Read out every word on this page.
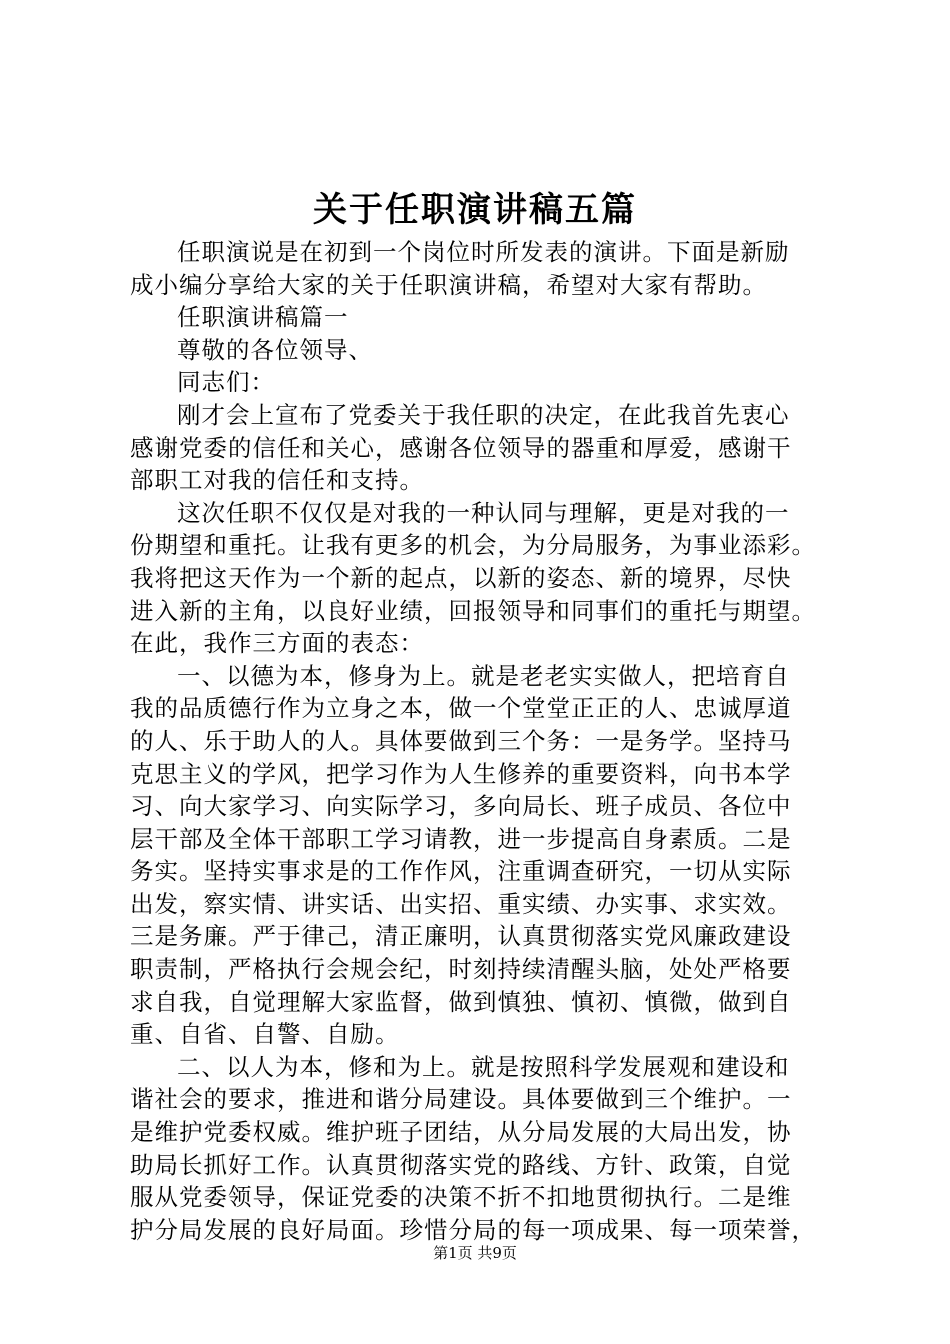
关于任职演讲稿五篇

任职演说是在初到一个岗位时所发表的演讲。下面是新励
成小编分享给大家的关于任职演讲稿，希望对大家有帮助。

任职演讲稿篇一

尊敬的各位领导、

同志们：

刚才会上宣布了党委关于我任职的决定，在此我首先衷心
感谢党委的信任和关心，感谢各位领导的器重和厚爱，感谢干
部职工对我的信任和支持。

这次任职不仅仅是对我的一种认同与理解，更是对我的一
份期望和重托。让我有更多的机会，为分局服务，为事业添彩。
我将把这天作为一个新的起点，以新的姿态、新的境界，尽快
进入新的主角，以良好业绩，回报领导和同事们的重托与期望。
在此，我作三方面的表态：

一、以德为本，修身为上。就是老老实实做人，把培育自
我的品质德行作为立身之本，做一个堂堂正正的人、忠诚厚道
的人、乐于助人的人。具体要做到三个务：一是务学。坚持马
克思主义的学风，把学习作为人生修养的重要资料，向书本学
习、向大家学习、向实际学习，多向局长、班子成员、各位中
层干部及全体干部职工学习请教，进一步提高自身素质。二是
务实。坚持实事求是的工作作风，注重调查研究，一切从实际
出发，察实情、讲实话、出实招、重实绩、办实事、求实效。
三是务廉。严于律己，清正廉明，认真贯彻落实党风廉政建设
职责制，严格执行会规会纪，时刻持续清醒头脑，处处严格要
求自我，自觉理解大家监督，做到慎独、慎初、慎微，做到自
重、自省、自警、自励。

二、以人为本，修和为上。就是按照科学发展观和建设和
谐社会的要求，推进和谐分局建设。具体要做到三个维护。一
是维护党委权威。维护班子团结，从分局发展的大局出发，协
助局长抓好工作。认真贯彻落实党的路线、方针、政策，自觉
服从党委领导，保证党委的决策不折不扣地贯彻执行。二是维
护分局发展的良好局面。珍惜分局的每一项成果、每一项荣誉，

第1页 共9页
